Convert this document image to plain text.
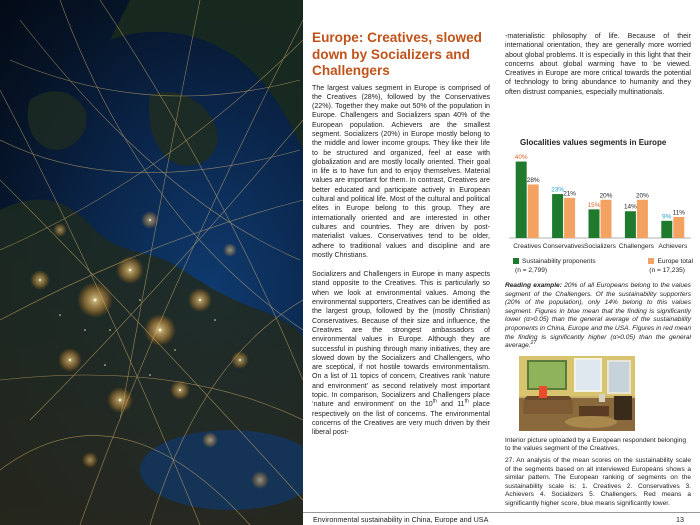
Europe: Creatives, slowed down by Socializers and Challengers

The largest values segment in Europe is comprised of the Creatives (28%), followed by the Conservatives (22%). Together they make out 50% of the population in Europe. Challengers and Socializers span 40% of the European population. Achievers are the smallest segment. Socializers (20%) in Europe mostly belong to the middle and lower income groups. They like their life to be structured and organized, feel at ease with globalization and are mostly locally oriented. Their goal in life is to have fun and to enjoy themselves. Material values are important for them. In contrast, Creatives are better educated and participate actively in European cultural and political life. Most of the cultural and political elites in Europe belong to this group. They are internationally oriented and are interested in other cultures and countries. They are driven by post-materialist values. Conservatives tend to be older, adhere to traditional values and discipline and are mostly Christians.

Socializers and Challengers in Europe in many aspects stand opposite to the Creatives. This is particularly so when we look at environmental values. Among the environmental supporters, Creatives can be identified as the largest group, followed by the (mostly Christian) Conservatives. Because of their size and influence, the Creatives are the strongest ambassadors of environmental values in Europe. Although they are successful in pushing through many initiatives, they are slowed down by the Socializers and Challengers, who are sceptical, if not hostile towards environmentalism. On a list of 11 topics of concern, Creatives rank ‘nature and environment’ as second relatively most important topic. In comparison, Socializers and Challengers place ‘nature and environment’ on the 10th and 11th place respectively on the list of concerns. The environmental concerns of the Creatives are very much driven by their liberal post-

-materialistic philosophy of life. Because of their international orientation, they are generally more worried about global problems. It is especially in this light that their concerns about global warming have to be viewed. Creatives in Europe are more critical towards the potential of technology to bring abundance to humanity and they often distrust companies, especially multinationals.

Glocalities values segments in Europe
40%
28%
Creatives
23%
21%
Conservatives
15%
20%
Socializers
14%
20%
Challengers
9%
11%
Achievers
Sustainability proponents	Europe total
(n = 2,799)	(n = 17,235)
Reading example: 20% of all Europeans belong to the values segment of the Challengers. Of the sustainability supporters (20% of the population), only 14% belong to this values segment. Figures in blue mean that the finding is significantly lower (α>0.05) than the general average of the sustainability proponents in China, Europe and the USA. Figures in red mean the finding is significantly higher (α>0.05) than the general average.$^{27}$
Interior picture uploaded by a European respondent belonging to the values segment of the Creatives.
27. An analysis of the mean scores on the sustainability scale of the segments based on all interviewed Europeans shows a similar pattern. The European ranking of segments on the sustainability scale is: 1. Creatives 2. Conservatives 3. Achievers 4. Socializers 5. Challengers. Red means a significantly higher score, blue means significantly lower.
Environmental sustainability in China, Europe and USA	13
